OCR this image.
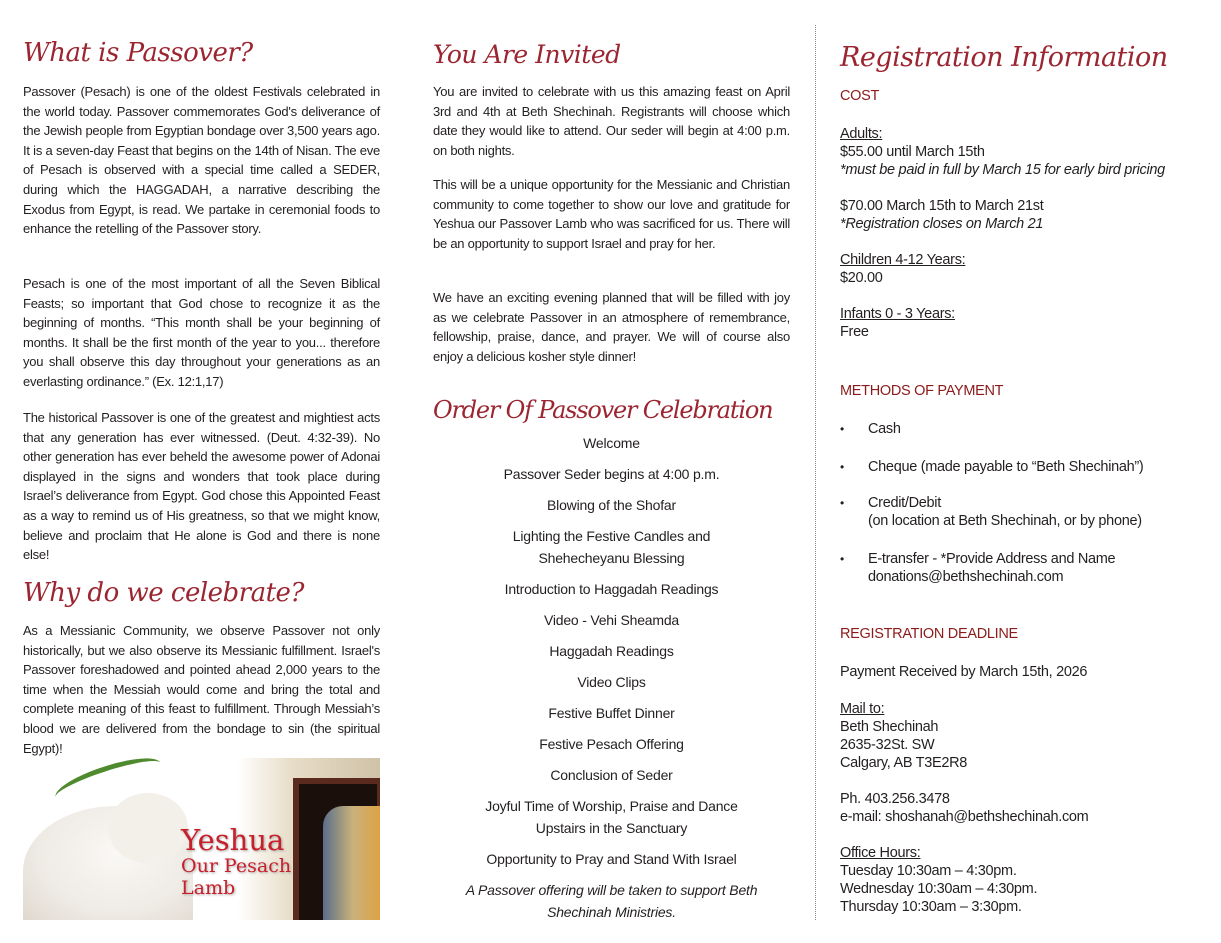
What is Passover?

Passover (Pesach) is one of the oldest Festivals celebrated in the world today. Passover commemorates God's deliverance of the Jewish people from Egyptian bondage over 3,500 years ago. It is a seven-day Feast that begins on the 14th of Nisan. The eve of Pesach is observed with a special time called a SEDER, during which the HAGGADAH, a narrative describing the Exodus from Egypt, is read. We partake in ceremonial foods to enhance the retelling of the Passover story.

Pesach is one of the most important of all the Seven Biblical Feasts; so important that God chose to recognize it as the beginning of months. “This month shall be your beginning of months. It shall be the first month of the year to you... therefore you shall observe this day throughout your generations as an everlasting ordinance.” (Ex. 12:1,17)

The historical Passover is one of the greatest and mightiest acts that any generation has ever witnessed. (Deut. 4:32-39). No other generation has ever beheld the awesome power of Adonai displayed in the signs and wonders that took place during Israel’s deliverance from Egypt. God chose this Appointed Feast as a way to remind us of His greatness, so that we might know, believe and proclaim that He alone is God and there is none else!

Why do we celebrate?

As a Messianic Community, we observe Passover not only historically, but we also observe its Messianic fulfillment. Israel's Passover foreshadowed and pointed ahead 2,000 years to the time when the Messiah would come and bring the total and complete meaning of this feast to fulfillment. Through Messiah’s blood we are delivered from the bondage to sin (the spiritual Egypt)!

Yeshua
Our Pesach
Lamb
You Are Invited

You are invited to celebrate with us this amazing feast on April 3rd and 4th at Beth Shechinah. Registrants will choose which date they would like to attend. Our seder will begin at 4:00 p.m. on both nights.

This will be a unique opportunity for the Messianic and Christian community to come together to show our love and gratitude for Yeshua our Passover Lamb who was sacrificed for us. There will be an opportunity to support Israel and pray for her.

We have an exciting evening planned that will be filled with joy as we celebrate Passover in an atmosphere of remembrance, fellowship, praise, dance, and prayer. We will of course also enjoy a delicious kosher style dinner!

Order Of Passover Celebration
Welcome
Passover Seder begins at 4:00 p.m.
Blowing of the Shofar
Lighting the Festive Candles and Shehecheyanu Blessing
Introduction to Haggadah Readings
Video - Vehi Sheamda
Haggadah Readings
Video Clips
Festive Buffet Dinner
Festive Pesach Offering
Conclusion of Seder
Joyful Time of Worship, Praise and Dance Upstairs in the Sanctuary
Opportunity to Pray and Stand With Israel
A Passover offering will be taken to support Beth Shechinah Ministries.
Registration Information
COST
Adults:
$55.00 until March 15th
*must be paid in full by March 15 for early bird pricing
$70.00 March 15th to March 21st
*Registration closes on March 21
Children 4-12 Years:
$20.00
Infants 0 - 3 Years:
Free
METHODS OF PAYMENT
• Cash
• Cheque (made payable to “Beth Shechinah”)
• Credit/Debit
(on location at Beth Shechinah, or by phone)
• E-transfer - *Provide Address and Name
donations@bethshechinah.com
REGISTRATION DEADLINE
Payment Received by March 15th, 2026
Mail to:
Beth Shechinah
2635-32St. SW
Calgary, AB T3E2R8
Ph. 403.256.3478
e-mail: shoshanah@bethshechinah.com
Office Hours:
Tuesday 10:30am – 4:30pm.
Wednesday 10:30am – 4:30pm.
Thursday 10:30am – 3:30pm.
